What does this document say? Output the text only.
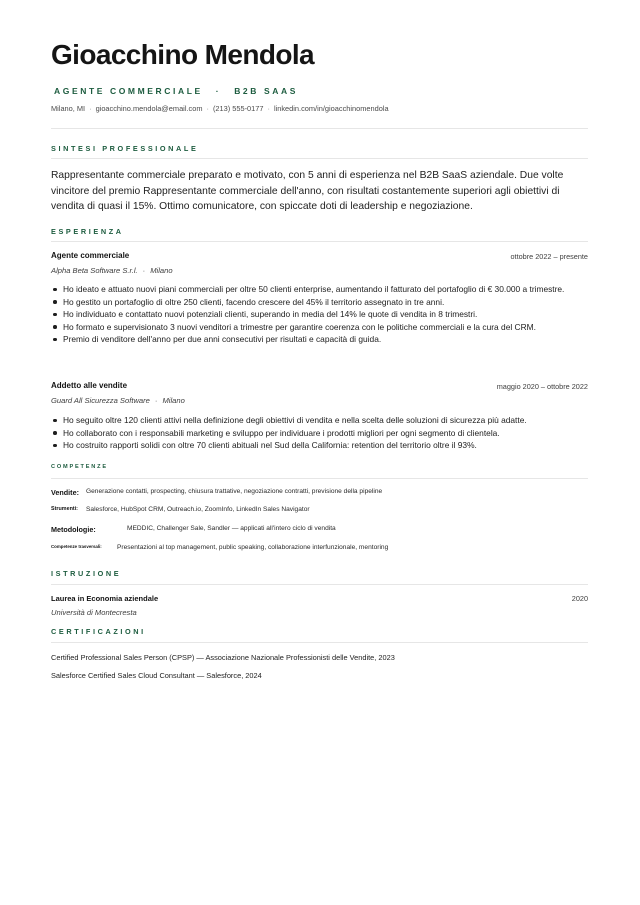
Gioacchino Mendola
AGENTE COMMERCIALE · B2B SAAS
Milano, MI · gioacchino.mendola@email.com · (213) 555-0177 · linkedin.com/in/gioacchinomendola
SINTESI PROFESSIONALE
Rappresentante commerciale preparato e motivato, con 5 anni di esperienza nel B2B SaaS aziendale. Due volte vincitore del premio Rappresentante commerciale dell'anno, con risultati costantemente superiori agli obiettivi di vendita di quasi il 15%. Ottimo comunicatore, con spiccate doti di leadership e negoziazione.
ESPERIENZA
Agente commerciale	ottobre 2022 – presente
Alpha Beta Software S.r.l. · Milano
Ho ideato e attuato nuovi piani commerciali per oltre 50 clienti enterprise, aumentando il fatturato del portafoglio di € 30.000 a trimestre.
Ho gestito un portafoglio di oltre 250 clienti, facendo crescere del 45% il territorio assegnato in tre anni.
Ho individuato e contattato nuovi potenziali clienti, superando in media del 14% le quote di vendita in 8 trimestri.
Ho formato e supervisionato 3 nuovi venditori a trimestre per garantire coerenza con le politiche commerciali e la cura del CRM.
Premio di venditore dell'anno per due anni consecutivi per risultati e capacità di guida.
Addetto alle vendite	maggio 2020 – ottobre 2022
Guard All Sicurezza Software · Milano
Ho seguito oltre 120 clienti attivi nella definizione degli obiettivi di vendita e nella scelta delle soluzioni di sicurezza più adatte.
Ho collaborato con i responsabili marketing e sviluppo per individuare i prodotti migliori per ogni segmento di clientela.
Ho costruito rapporti solidi con oltre 70 clienti abituali nel Sud della California: retention del territorio oltre il 93%.
COMPETENZE
Vendite: Generazione contatti, prospecting, chiusura trattative, negoziazione contratti, previsione della pipeline
Strumenti: Salesforce, HubSpot CRM, Outreach.io, ZoomInfo, LinkedIn Sales Navigator
Metodologie:	MEDDIC, Challenger Sale, Sandler — applicati all'intero ciclo di vendita
Competenze trasversali: Presentazioni al top management, public speaking, collaborazione interfunzionale, mentoring
ISTRUZIONE
Laurea in Economia aziendale	2020
Università di Montecresta
CERTIFICAZIONI
Certified Professional Sales Person (CPSP) — Associazione Nazionale Professionisti delle Vendite, 2023
Salesforce Certified Sales Cloud Consultant — Salesforce, 2024
